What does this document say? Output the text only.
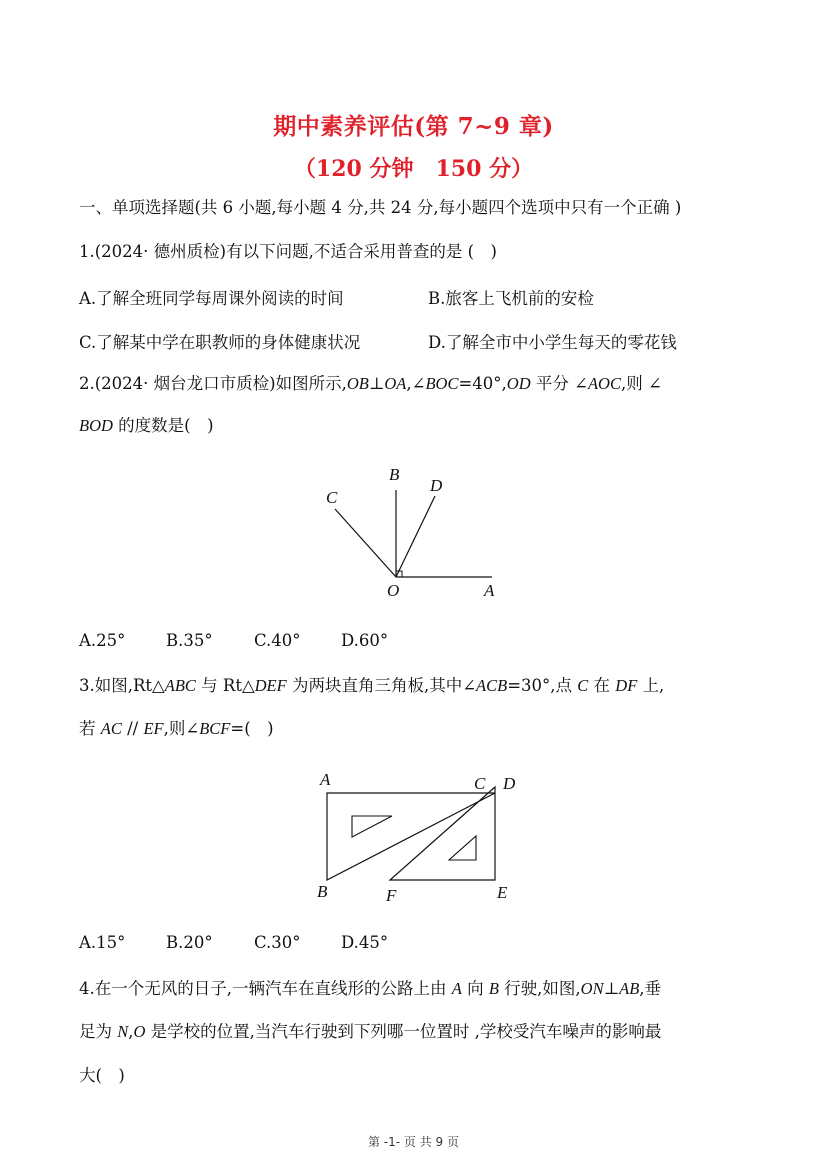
期中素养评估(第 7~9 章)
（120 分钟　150 分）
一、单项选择题(共 6 小题,每小题 4 分,共 24 分,每小题四个选项中只有一个正确 )
1.(2024· 德州质检)有以下问题,不适合采用普查的是 (　)
A.了解全班同学每周课外阅读的时间	B.旅客上飞机前的安检
C.了解某中学在职教师的身体健康状况	D.了解全市中小学生每天的零花钱
2.(2024· 烟台龙口市质检)如图所示,OB⊥OA,∠BOC=40°,OD 平分 ∠AOC,则 ∠
BOD 的度数是(　)
B
C
D
O	A
A.25° B.35°	C.40° D.60°
3.如图,Rt△ABC 与 Rt△DEF 为两块直角三角板,其中∠ACB=30°,点 C 在 DF 上,
若 AC // EF,则∠BCF=(　)
A	C D
B	F	E
A.15° B.20°	C.30° D.45°
4.在一个无风的日子,一辆汽车在直线形的公路上由 A 向 B 行驶,如图,ON⊥AB,垂
足为 N,O 是学校的位置,当汽车行驶到下列哪一位置时 ,学校受汽车噪声的影响最
大(　)
第 -1- 页 共 9 页
